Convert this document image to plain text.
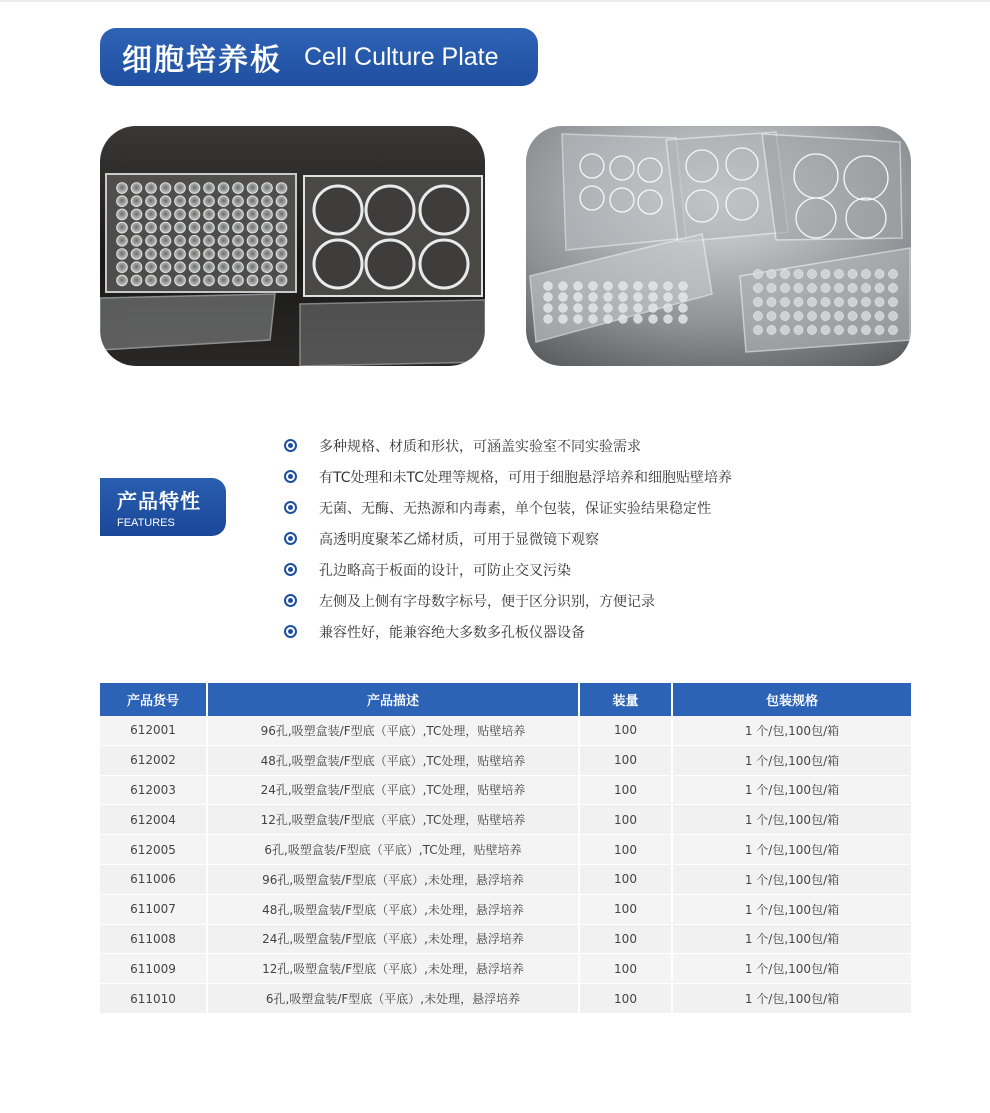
细胞培养板 Cell Culture Plate
产品特性
FEATURES
多种规格、材质和形状，可涵盖实验室不同实验需求
有TC处理和未TC处理等规格，可用于细胞悬浮培养和细胞贴壁培养
无菌、无酶、无热源和内毒素，单个包装，保证实验结果稳定性
高透明度聚苯乙烯材质，可用于显微镜下观察
孔边略高于板面的设计，可防止交叉污染
左侧及上侧有字母数字标号，便于区分识别，方便记录
兼容性好，能兼容绝大多数多孔板仪器设备
产品货号	产品描述	装量	包装规格
612001	96孔,吸塑盒装/F型底（平底）,TC处理，贴壁培养	100	1 个/包,100包/箱
612002	48孔,吸塑盒装/F型底（平底）,TC处理，贴壁培养	100	1 个/包,100包/箱
612003	24孔,吸塑盒装/F型底（平底）,TC处理，贴壁培养	100	1 个/包,100包/箱
612004	12孔,吸塑盒装/F型底（平底）,TC处理，贴壁培养	100	1 个/包,100包/箱
612005	6孔,吸塑盒装/F型底（平底）,TC处理，贴壁培养	100	1 个/包,100包/箱
611006	96孔,吸塑盒装/F型底（平底）,未处理，悬浮培养	100	1 个/包,100包/箱
611007	48孔,吸塑盒装/F型底（平底）,未处理，悬浮培养	100	1 个/包,100包/箱
611008	24孔,吸塑盒装/F型底（平底）,未处理，悬浮培养	100	1 个/包,100包/箱
611009	12孔,吸塑盒装/F型底（平底）,未处理，悬浮培养	100	1 个/包,100包/箱
611010	6孔,吸塑盒装/F型底（平底）,未处理，悬浮培养	100	1 个/包,100包/箱
